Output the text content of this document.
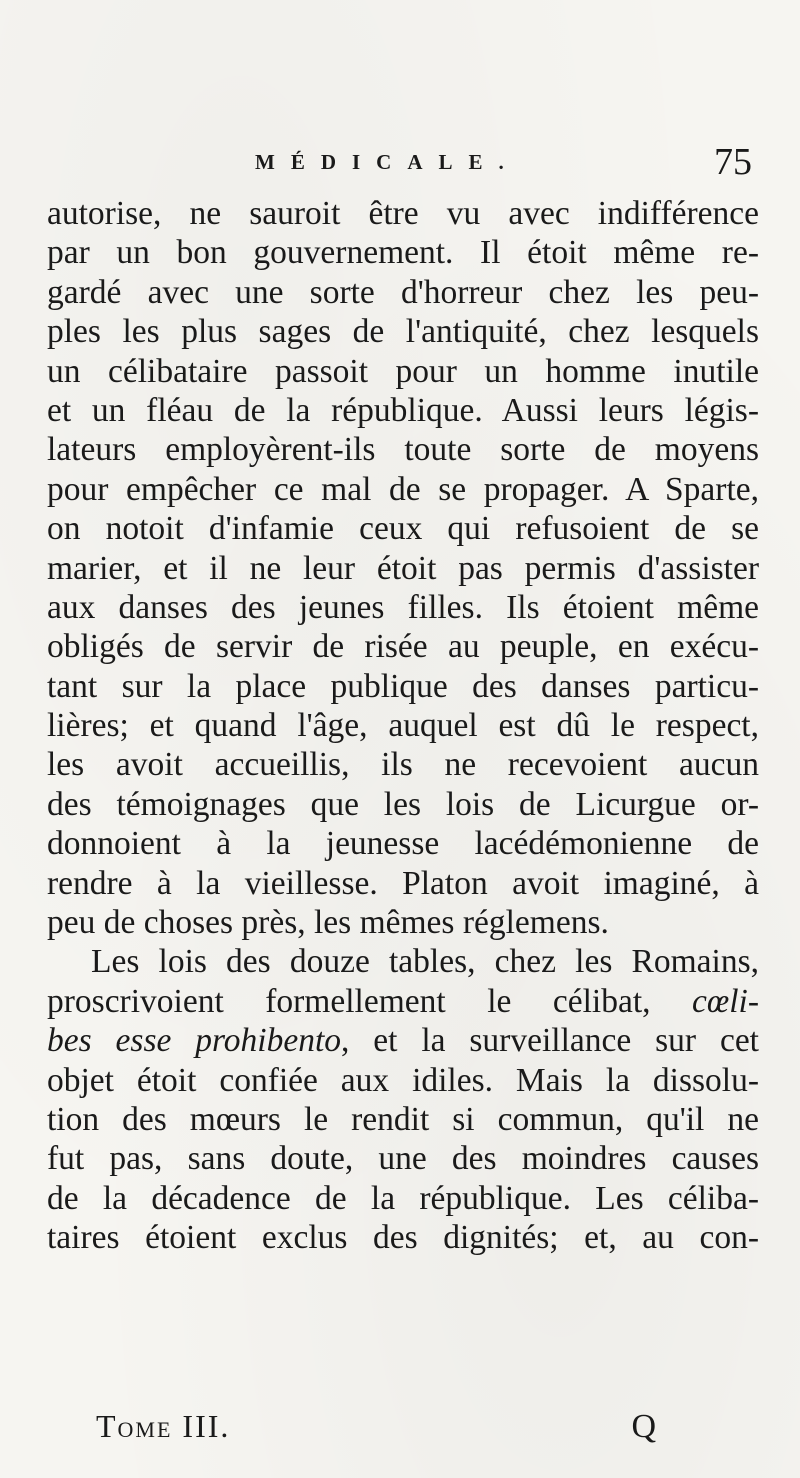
MÉDICALE.	75
autorise, ne sauroit être vu avec indifférence
par un bon gouvernement. Il étoit même re-
gardé avec une sorte d'horreur chez les peu-
ples les plus sages de l'antiquité, chez lesquels
un célibataire passoit pour un homme inutile
et un fléau de la république. Aussi leurs légis-
lateurs employèrent-ils toute sorte de moyens
pour empêcher ce mal de se propager. A Sparte,
on notoit d'infamie ceux qui refusoient de se
marier, et il ne leur étoit pas permis d'assister
aux danses des jeunes filles. Ils étoient même
obligés de servir de risée au peuple, en exécu-
tant sur la place publique des danses particu-
lières; et quand l'âge, auquel est dû le respect,
les avoit accueillis, ils ne recevoient aucun
des témoignages que les lois de Licurgue or-
donnoient à la jeunesse lacédémonienne de
rendre à la vieillesse. Platon avoit imaginé, à
peu de choses près, les mêmes réglemens.
Les lois des douze tables, chez les Romains,
proscrivoient formellement le célibat, cœli-
bes esse prohibento, et la surveillance sur cet
objet étoit confiée aux idiles. Mais la dissolu-
tion des mœurs le rendit si commun, qu'il ne
fut pas, sans doute, une des moindres causes
de la décadence de la république. Les céliba-
taires étoient exclus des dignités; et, au con-
Tome III.	Q
